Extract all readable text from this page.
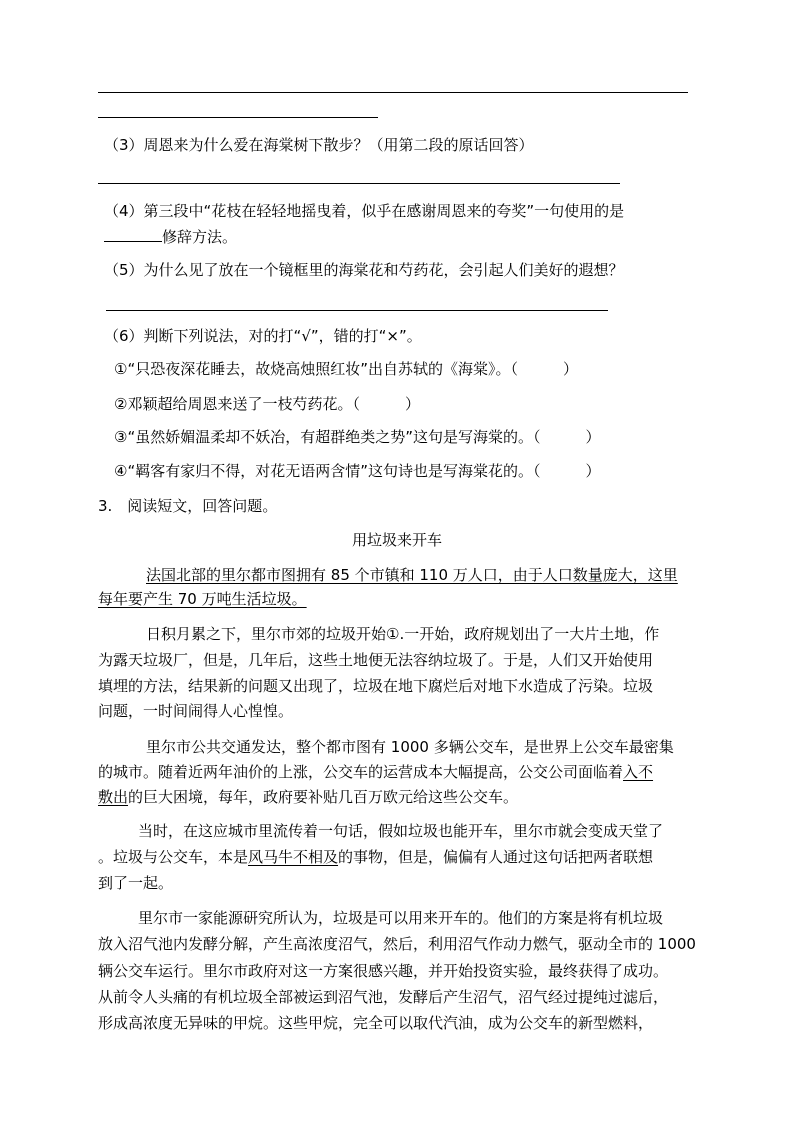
（3）周恩来为什么爱在海棠树下散步？（用第二段的原话回答）
（4）第三段中“花枝在轻轻地摇曳着，似乎在感谢周恩来的夸奖”一句使用的是
修辞方法。
（5）为什么见了放在一个镜框里的海棠花和芍药花，会引起人们美好的遐想？
（6）判断下列说法，对的打“√”，错的打“×”。
①“只恐夜深花睡去，故烧高烛照红妆”出自苏轼的《海棠》。（　　　）
②邓颖超给周恩来送了一枝芍药花。（　　　）
③“虽然娇媚温柔却不妖冶，有超群绝类之势”这句是写海棠的。（　　　）
④“羁客有家归不得，对花无语两含情”这句诗也是写海棠花的。（　　　）
3.　阅读短文，回答问题。
用垃圾来开车
法国北部的里尔都市图拥有 85 个市镇和 110 万人口，由于人口数量庞大，这里
每年要产生 70 万吨生活垃圾。
日积月累之下，里尔市郊的垃圾开始①.一开始，政府规划出了一大片土地，作
为露天垃圾厂，但是，几年后，这些土地便无法容纳垃圾了。于是，人们又开始使用
填埋的方法，结果新的问题又出现了，垃圾在地下腐烂后对地下水造成了污染。垃圾
问题，一时间闹得人心惶惶。
里尔市公共交通发达，整个都市图有 1000 多辆公交车，是世界上公交车最密集
的城市。随着近两年油价的上涨，公交车的运营成本大幅提高，公交公司面临着入不
敷出的巨大困境，每年，政府要补贴几百万欧元给这些公交车。
当时，在这应城市里流传着一句话，假如垃圾也能开车，里尔市就会变成天堂了
。垃圾与公交车，本是风马牛不相及的事物，但是，偏偏有人通过这句话把两者联想
到了一起。
里尔市一家能源研究所认为，垃圾是可以用来开车的。他们的方案是将有机垃圾
放入沼气池内发酵分解，产生高浓度沼气，然后，利用沼气作动力燃气，驱动全市的 1000
辆公交车运行。里尔市政府对这一方案很感兴趣，并开始投资实验，最终获得了成功。
从前令人头痛的有机垃圾全部被运到沼气池，发酵后产生沼气，沼气经过提纯过滤后，
形成高浓度无异味的甲烷。这些甲烷，完全可以取代汽油，成为公交车的新型燃料，
